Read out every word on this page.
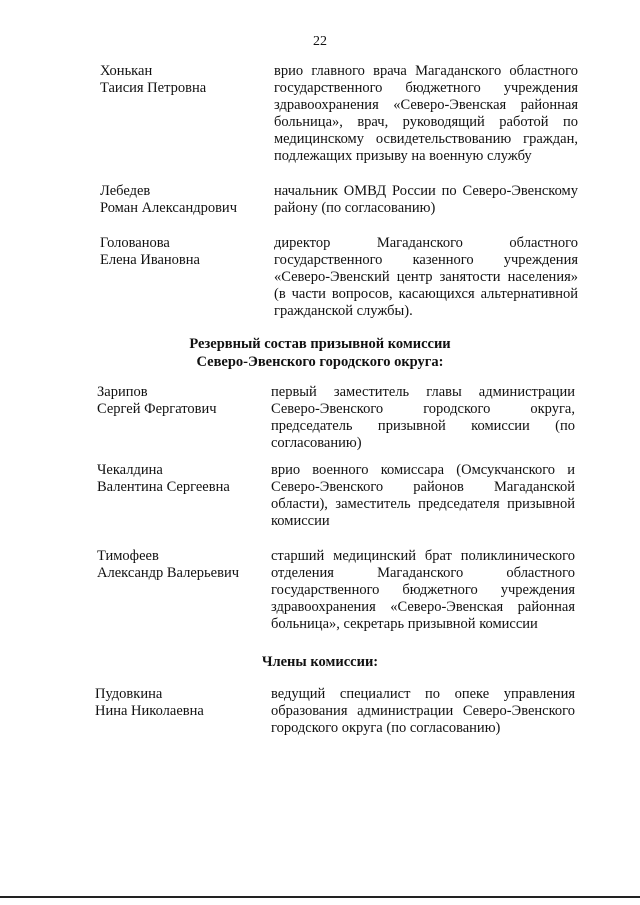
22
Хонькан
Таисия Петровна
врио главного врача Магаданского областного государственного бюджетного учреждения здравоохранения «Северо-Эвенская районная больница», врач, руководящий работой по медицинскому освидетельствованию граждан, подлежащих призыву на военную службу
Лебедев
Роман Александрович
начальник ОМВД России по Северо-Эвенскому району (по согласованию)
Голованова
Елена Ивановна
директор Магаданского областного государственного казенного учреждения «Северо-Эвенский центр занятости населения» (в части вопросов, касающихся альтернативной гражданской службы).
Резервный состав призывной комиссии
Северо-Эвенского городского округа:
Зарипов
Сергей Фергатович
первый заместитель главы администрации Северо-Эвенского городского округа, председатель призывной комиссии (по согласованию)
Чекалдина
Валентина Сергеевна
врио военного комиссара (Омсукчанского и Северо-Эвенского районов Магаданской области), заместитель председателя призывной комиссии
Тимофеев
Александр Валерьевич
старший медицинский брат поликлинического отделения Магаданского областного государственного бюджетного учреждения здравоохранения «Северо-Эвенская районная больница», секретарь призывной комиссии
Члены комиссии:
Пудовкина
Нина Николаевна
ведущий специалист по опеке управления образования администрации Северо-Эвенского городского округа (по согласованию)
